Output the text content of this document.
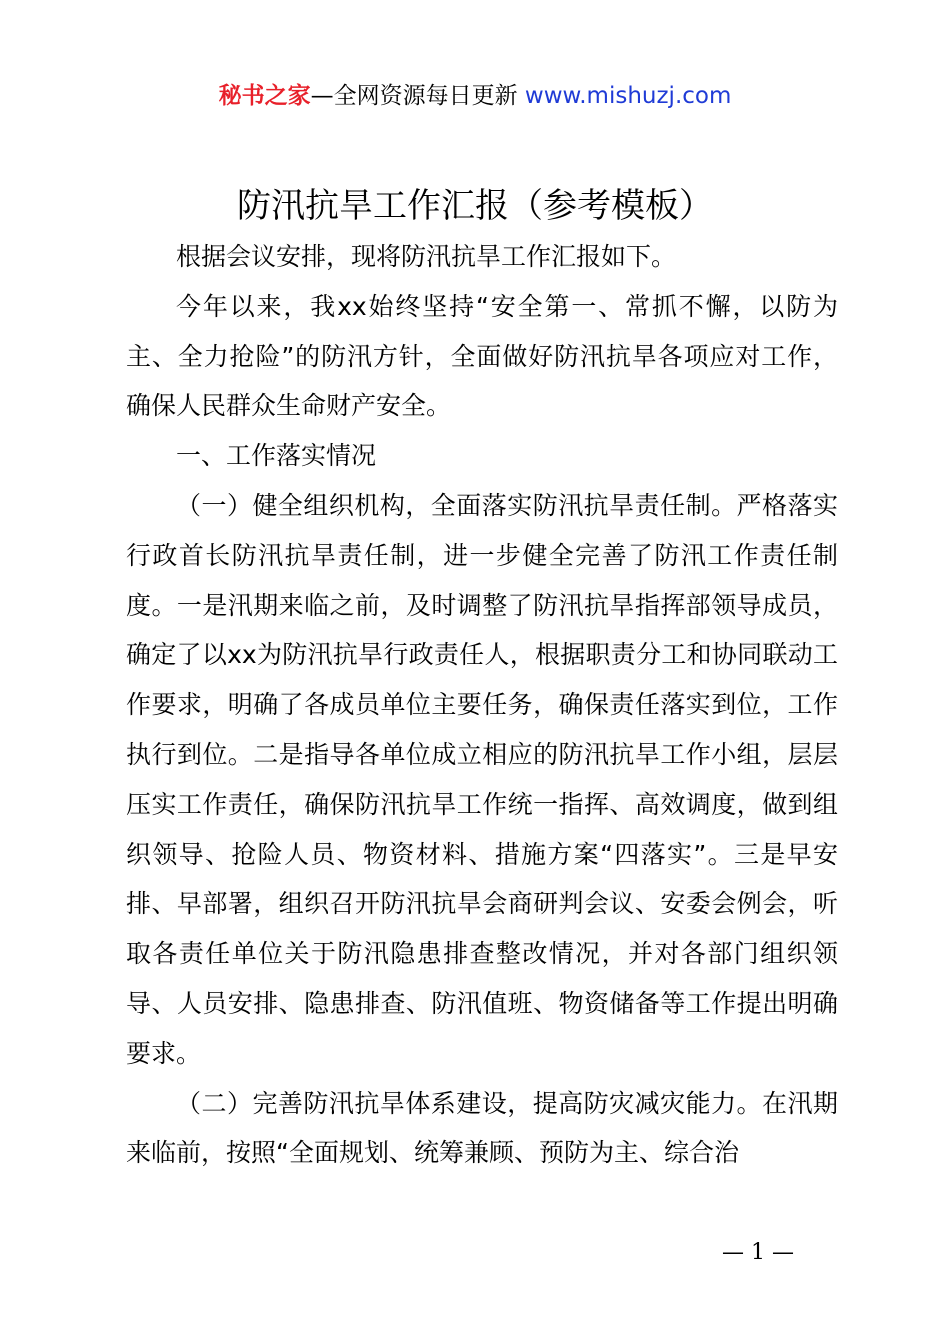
秘书之家—全网资源每日更新 www.mishuzj.com
防汛抗旱工作汇报（参考模板）

根据会议安排，现将防汛抗旱工作汇报如下。

今年以来，我xx始终坚持“安全第一、常抓不懈，以防为主、全力抢险”的防汛方针，全面做好防汛抗旱各项应对工作，确保人民群众生命财产安全。

一、工作落实情况

（一）健全组织机构，全面落实防汛抗旱责任制。严格落实行政首长防汛抗旱责任制，进一步健全完善了防汛工作责任制度。一是汛期来临之前，及时调整了防汛抗旱指挥部领导成员，确定了以xx为防汛抗旱行政责任人，根据职责分工和协同联动工作要求，明确了各成员单位主要任务，确保责任落实到位，工作执行到位。二是指导各单位成立相应的防汛抗旱工作小组，层层压实工作责任，确保防汛抗旱工作统一指挥、高效调度，做到组织领导、抢险人员、物资材料、措施方案“四落实”。三是早安排、早部署，组织召开防汛抗旱会商研判会议、安委会例会，听取各责任单位关于防汛隐患排查整改情况，并对各部门组织领导、人员安排、隐患排查、防汛值班、物资储备等工作提出明确要求。

（二）完善防汛抗旱体系建设，提高防灾减灾能力。在汛期来临前，按照“全面规划、统筹兼顾、预防为主、综合治

— 1 —
